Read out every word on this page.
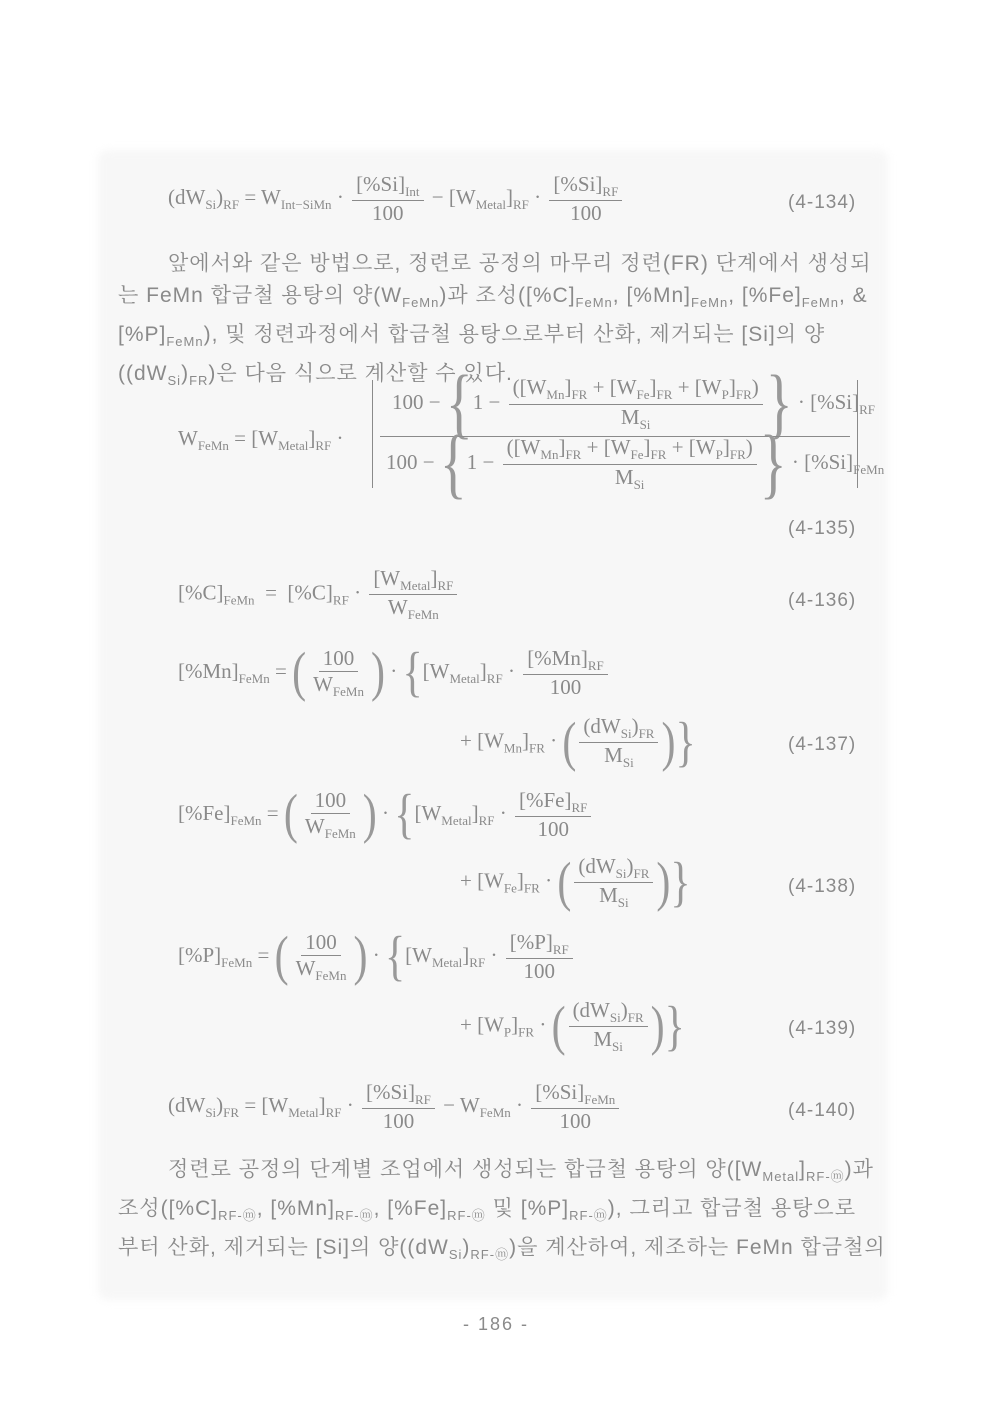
$(dW_{Si})_{RF} = W_{Int-SiMn} \cdot \frac{[\%Si]_{Int}}{100} - [W_{Metal}]_{RF} \cdot \frac{[\%Si]_{RF}}{100}$	(4-134)
앞에서와 같은 방법으로, 정련로 공정의 마무리 정련(FR) 단계에서 생성되
는 FeMn 합금철 용탕의 양$(W_{FeMn})$과 조성($[\%C]_{FeMn}$, $[\%Mn]_{FeMn}$, $[\%Fe]_{FeMn}$, &
$[\%P]_{FeMn}$), 및 정련과정에서 합금철 용탕으로부터 산화, 제거되는 [Si]의 양
$((dW_{Si})_{FR})$은 다음 식으로 계산할 수 있다.
$W_{FeMn} = [W_{Metal}]_{RF}$ ·
$100 - \{1 - \frac{([W_{Mn}]_{FR} + [W_{Fe}]_{FR} + [W_P]_{FR})}{M_{Si}}$ } · $[\%Si]_{RF}$
$100 - \{1 - \frac{([W_{Mn}]_{FR} + [W_{Fe}]_{FR} + [W_P]_{FR})}{M_{Si}}$ } · $[\%Si]_{FeMn}$
(4-135)
$[\%C]_{FeMn} = [\%C]_{RF} \cdot \frac{[W_{Metal}]_{RF}}{W_{FeMn}}$	(4-136)
$[\%Mn]_{FeMn}$ = ( $\frac{100}{W_{FeMn}}$ ) · {$[W_{Metal}]_{RF} \cdot \frac{[\%Mn]_{RF}}{100}$
+ $[W_{Mn}]_{FR}$ · ( $\frac{(dW_{Si})_{FR}}{M_{Si}}$ )}	(4-137)
$[\%Fe]_{FeMn}$ = ( $\frac{100}{W_{FeMn}}$ ) · {$[W_{Metal}]_{RF} \cdot \frac{[\%Fe]_{RF}}{100}$
+ $[W_{Fe}]_{FR}$ · ( $\frac{(dW_{Si})_{FR}}{M_{Si}}$ )}	(4-138)
$[\%P]_{FeMn}$ = ( $\frac{100}{W_{FeMn}}$ ) · {$[W_{Metal}]_{RF} \cdot \frac{[\%P]_{RF}}{100}$
+ $[W_P]_{FR}$ · ( $\frac{(dW_{Si})_{FR}}{M_{Si}}$ )}	(4-139)
$(dW_{Si})_{FR} = [W_{Metal}]_{RF} \cdot \frac{[\%Si]_{RF}}{100} - W_{FeMn} \cdot \frac{[\%Si]_{FeMn}}{100}$	(4-140)
정련로 공정의 단계별 조업에서 생성되는 합금철 용탕의 양$([W_{Metal}]_{RF-ⓜ})$과
조성($[\%C]_{RF-ⓜ}$, $[\%Mn]_{RF-ⓜ}$, $[\%Fe]_{RF-ⓜ}$ 및 $[\%P]_{RF-ⓜ}$), 그리고 합금철 용탕으로
부터 산화, 제거되는 [Si]의 양$((dW_{Si})_{RF-ⓜ})$을 계산하여, 제조하는 FeMn 합금철의
- 186 -
